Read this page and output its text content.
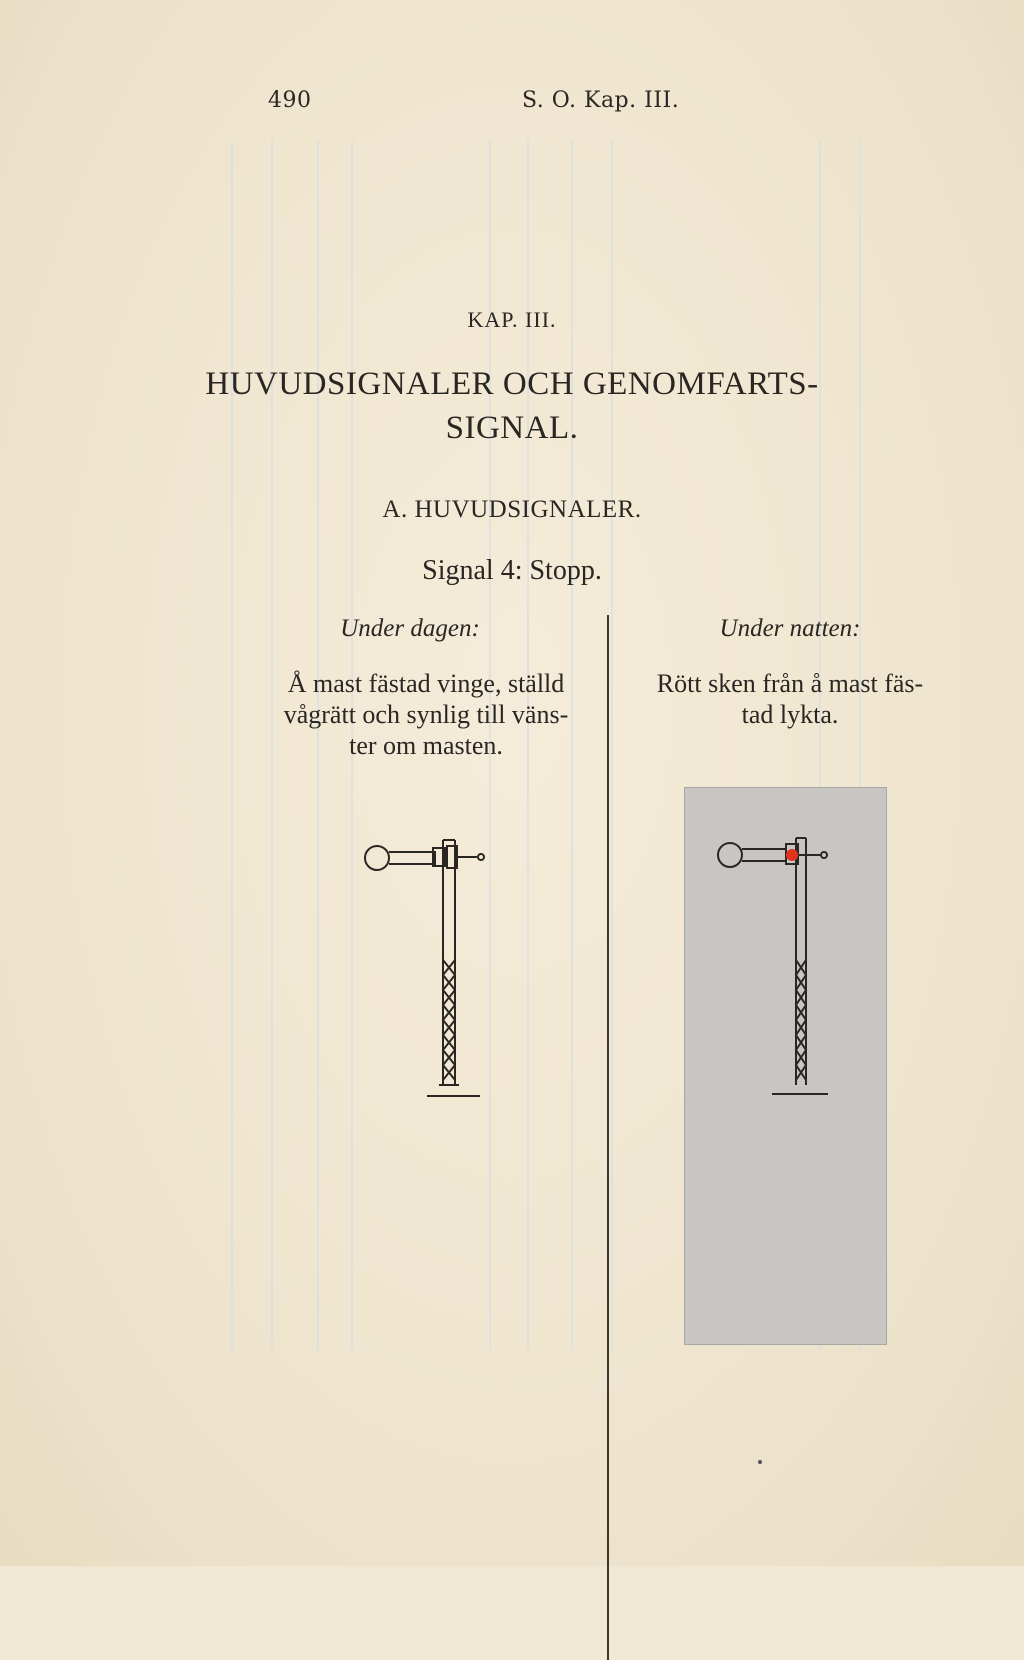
490	S. O. Kap. III.
KAP. III.
HUVUDSIGNALER OCH GENOMFARTS-
SIGNAL.
A. HUVUDSIGNALER.
Signal 4: Stopp.
Under dagen:	Under natten:
Å mast fästad vinge, ställd
vågrätt och synlig till väns-
ter om masten.
Rött sken från å mast fäs-
tad lykta.
